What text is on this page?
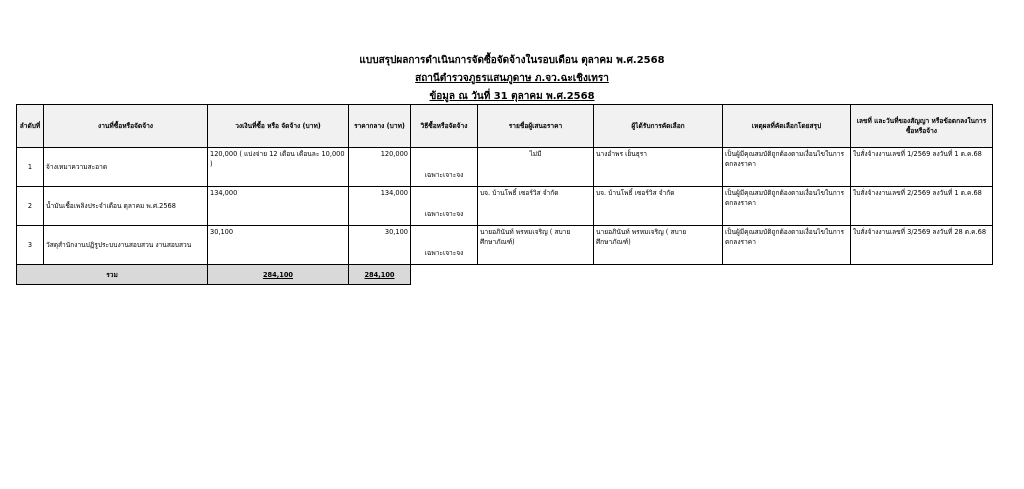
แบบสรุปผลการดำเนินการจัดซื้อจัดจ้างในรอบเดือน ตุลาคม พ.ศ.2568
สถานีตำรวจภูธรแสนภูดาษ ภ.จว.ฉะเชิงเทรา
ข้อมูล ณ วันที่ 31 ตุลาคม พ.ศ.2568
ลำดับที่	งานที่ซื้อหรือจัดจ้าง	วงเงินที่ซื้อ หรือ จัดจ้าง (บาท)	ราคากลาง (บาท)	วิธีซื้อหรือจัดจ้าง	รายชื่อผู้เสนอราคา	ผู้ได้รับการคัดเลือก	เหตุผลที่คัดเลือกโดยสรุป	เลขที่ และวันที่ของสัญญา หรือข้อตกลงในการซื้อหรือจ้าง
1	จ้างเหมาความสะอาด	120,000 ( แบ่งจ่าย 12 เดือน เดือนละ 10,000 )	120,000	เฉพาะเจาะจง	ไม่มี	นางอำพร เย็นธุรา	เป็นผู้มีคุณสมบัติถูกต้องตามเงื่อนไขในการตกลงราคา	ใบสั่งจ้างงานเลขที่ 1/2569 ลงวันที่ 1 ต.ค.68
2	น้ำมันเชื้อเพลิงประจำเดือน ตุลาคม พ.ศ.2568	134,000	134,000	เฉพาะเจาะจง	บจ. บ้านโพธิ์ เซอร์วิส จำกัด	บจ. บ้านโพธิ์ เซอร์วิส จำกัด	เป็นผู้มีคุณสมบัติถูกต้องตามเงื่อนไขในการตกลงราคา	ใบสั่งจ้างงานเลขที่ 2/2569 ลงวันที่ 1 ต.ค.68
3	วัสดุสำนักงานปฏิรูประบบงานสอบสวน งานสอบสวน	30,100	30,100	เฉพาะเจาะจง	นายอภินันท์ พรหมเจริญ ( สบายศึกษาภัณฑ์)	นายอภินันท์ พรหมเจริญ ( สบายศึกษาภัณฑ์)	เป็นผู้มีคุณสมบัติถูกต้องตามเงื่อนไขในการตกลงราคา	ใบสั่งจ้างงานเลขที่ 3/2569 ลงวันที่ 28 ต.ค.68
รวม		284,100	284,100					
